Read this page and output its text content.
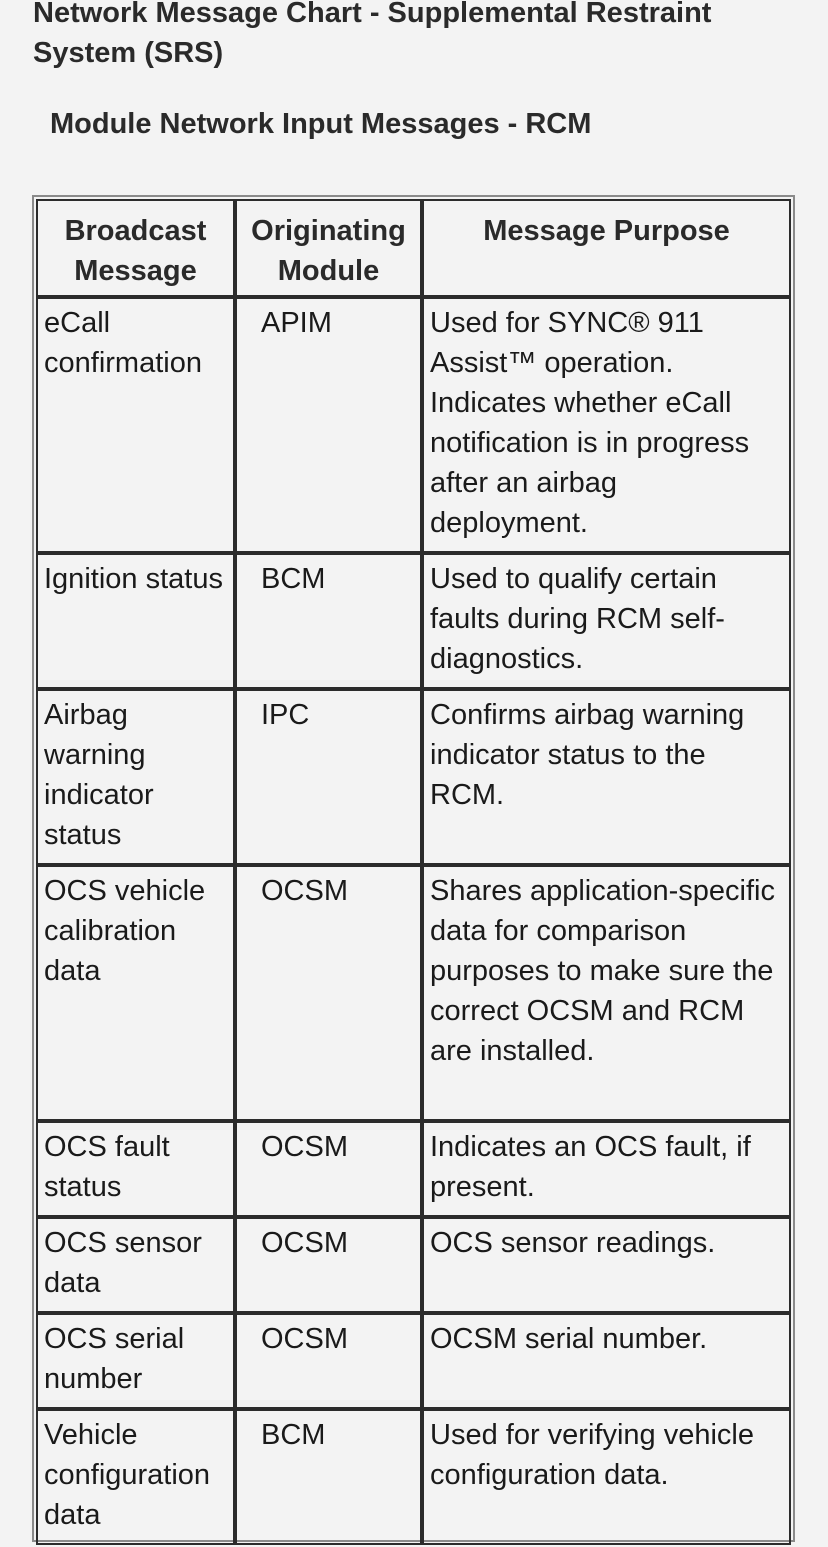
Network Message Chart - Supplemental Restraint System (SRS)
Module Network Input Messages - RCM
Broadcast Message	Originating Module	Message Purpose
eCall confirmation	APIM	Used for SYNC® 911 Assist™ operation. Indicates whether eCall notification is in progress after an airbag deployment.
Ignition status	BCM	Used to qualify certain faults during RCM self-diagnostics.
Airbag warning indicator status	IPC	Confirms airbag warning indicator status to the RCM.
OCS vehicle calibration data	OCSM	Shares application-specific data for comparison purposes to make sure the correct OCSM and RCM are installed.
OCS fault status	OCSM	Indicates an OCS fault, if present.
OCS sensor data	OCSM	OCS sensor readings.
OCS serial number	OCSM	OCSM serial number.
Vehicle configuration data	BCM	Used for verifying vehicle configuration data.
